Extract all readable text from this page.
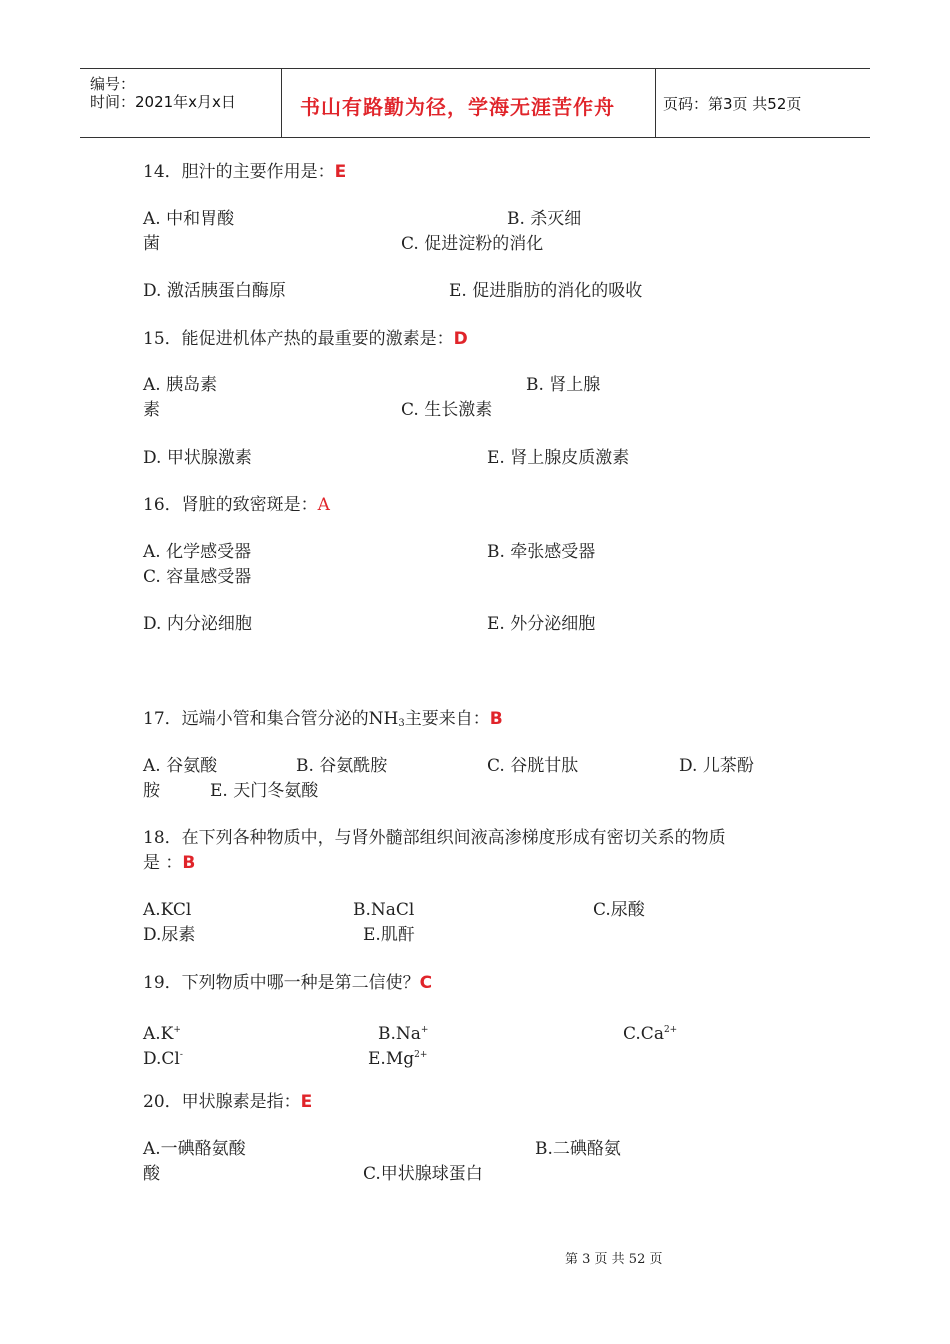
编号：
时间：2021年x月x日	书山有路勤为径，学海无涯苦作舟	页码：第3页 共52页
14．胆汁的主要作用是：E
A. 中和胃酸	B. 杀灭细
菌	C. 促进淀粉的消化
D. 激活胰蛋白酶原	E. 促进脂肪的消化的吸收
15．能促进机体产热的最重要的激素是：D
A. 胰岛素	B. 肾上腺
素	C. 生长激素
D. 甲状腺激素	E. 肾上腺皮质激素
16．肾脏的致密斑是：A
A. 化学感受器	B. 牵张感受器
C. 容量感受器
D. 内分泌细胞	E. 外分泌细胞
17．远端小管和集合管分泌的$NH_3$主要来自：B
A. 谷氨酸	B. 谷氨酰胺	C. 谷胱甘肽	D. 儿茶酚
胺	E. 天门冬氨酸
18．在下列各种物质中，与肾外髓部组织间液高渗梯度形成有密切关系的物质
是 ：B
A.KCl	B.NaCl	C.尿酸
D.尿素	E.肌酐
19．下列物质中哪一种是第二信使？C
A.K+	B.Na+	$C.Ca^{2+}$
D.Cl-	$E.Mg^{2+}$
20．甲状腺素是指：E
A.一碘酪氨酸	B.二碘酪氨
酸	C.甲状腺球蛋白
第 3 页 共 52 页
